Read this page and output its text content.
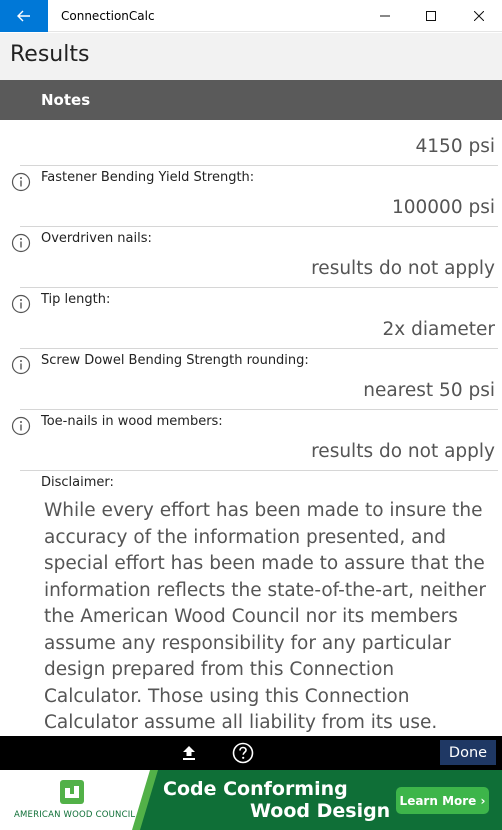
ConnectionCalc
Results
Notes
4150 psi
Fastener Bending Yield Strength:
100000 psi
Overdriven nails:
results do not apply
Tip length:
2x diameter
Screw Dowel Bending Strength rounding:
nearest 50 psi
Toe-nails in wood members:
results do not apply
Disclaimer:
While every effort has been made to insure the accuracy of the information presented, and special effort has been made to assure that the information reflects the state-of-the-art, neither the American Wood Council nor its members assume any responsibility for any particular design prepared from this Connection Calculator. Those using this Connection Calculator assume all liability from its use.
Done
AMERICAN WOOD COUNCIL
Code Conforming
Wood Design Learn More ›
